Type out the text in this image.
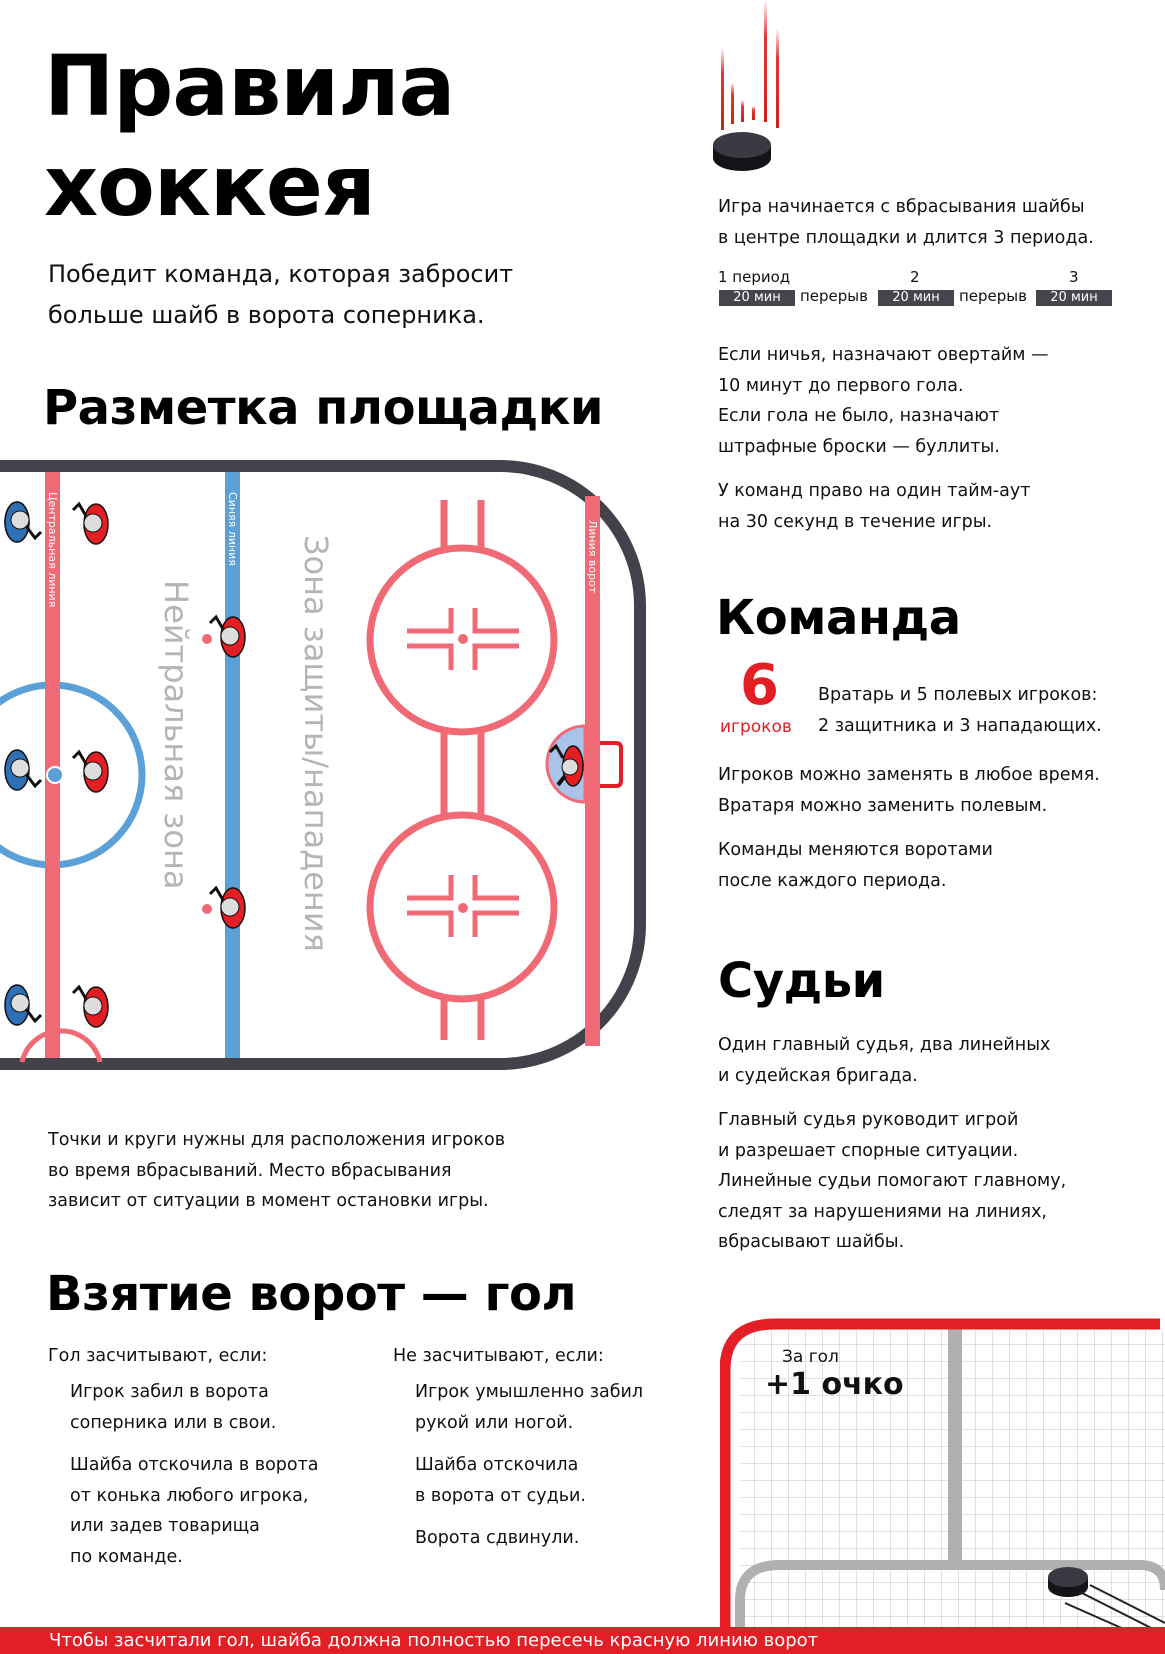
Правила
хоккея
Победит команда, которая забросит
больше шайб в ворота соперника.
Игра начинается с вбрасывания шайбы
в центре площадки и длится 3 периода.
1 период	2	3
20 мин	перерыв	20 мин	перерыв	20 мин

Если ничья, назначают овертайм —
10 минут до первого гола.
Если гола не было, назначают
штрафные броски — буллиты.

У команд право на один тайм-аут
на 30 секунд в течение игры.

Команда
6
игроков
Вратарь и 5 полевых игроков:
2 защитника и 3 нападающих.

Игроков можно заменять в любое время.
Вратаря можно заменить полевым.

Команды меняются воротами
после каждого периода.

Судьи

Один главный судья, два линейных
и судейская бригада.

Главный судья руководит игрой
и разрешает спорные ситуации.
Линейные судьи помогают главному,
следят за нарушениями на линиях,
вбрасывают шайбы.

Разметка площадки
Центральная линия	Синяя линия
Нейтральная зона	Зона защиты/нападения	Линия ворот
Точки и круги нужны для расположения игроков
во время вбрасываний. Место вбрасывания
зависит от ситуации в момент остановки игры.
Взятие ворот — гол
Гол засчитывают, если:
Игрок забил в ворота
соперника или в свои.
Шайба отскочила в ворота
от конька любого игрока,
или задев товарища
по команде.
Не засчитывают, если:
Игрок умышленно забил
рукой или ногой.
Шайба отскочила
в ворота от судьи.
Ворота сдвинули.
За гол
+1 очко
Чтобы засчитали гол, шайба должна полностью пересечь красную линию ворот
